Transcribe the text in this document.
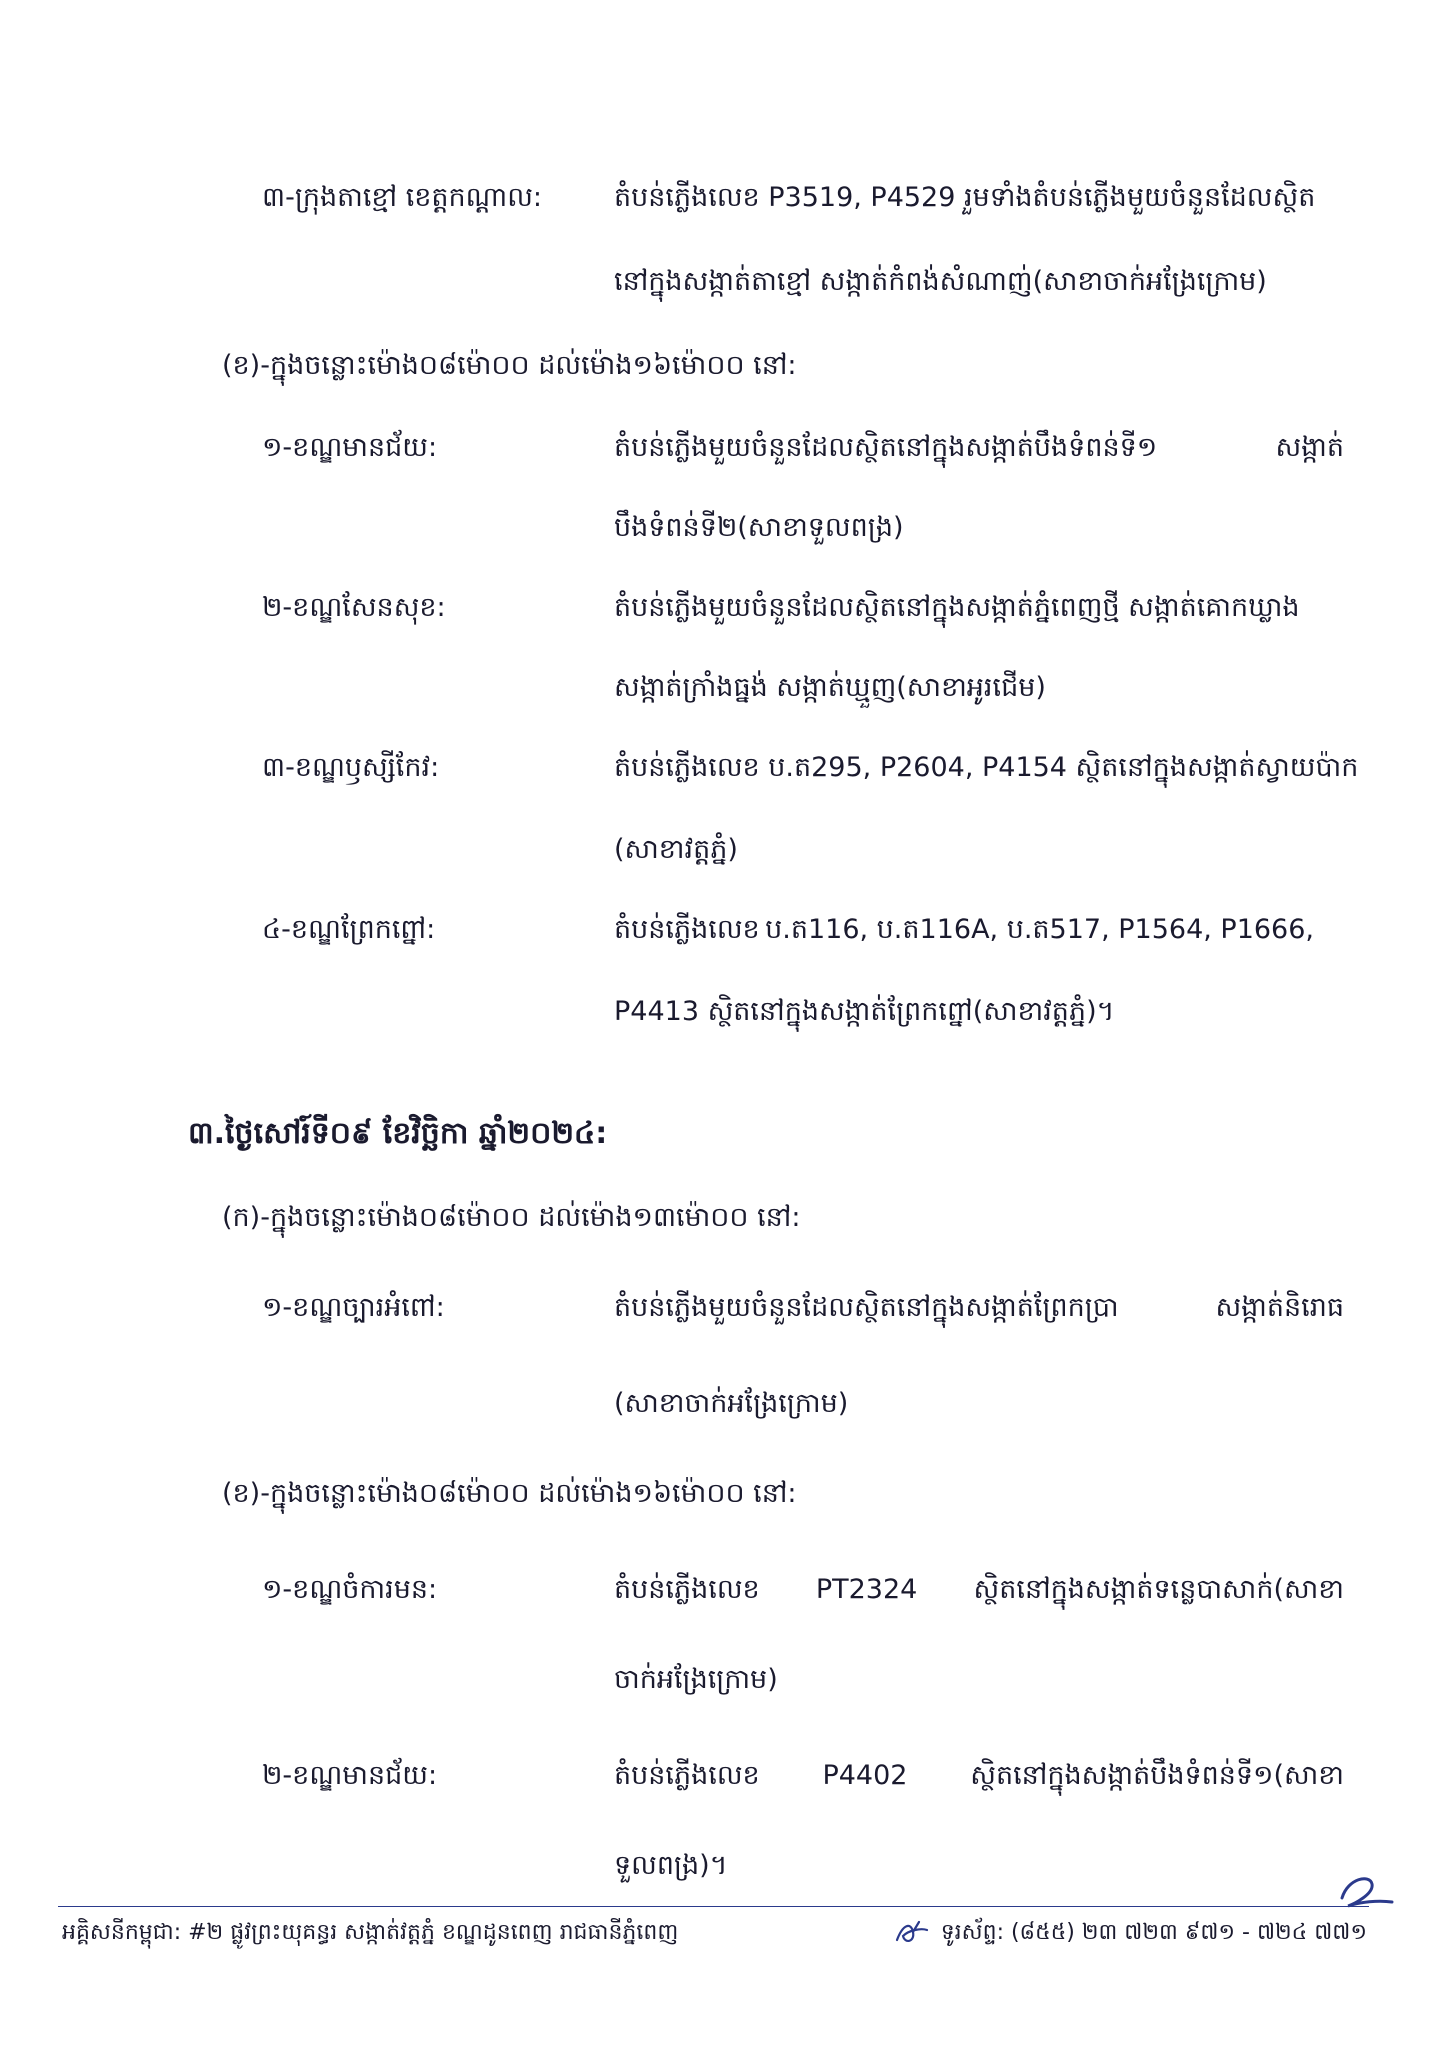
៣-ក្រុងតាខ្មៅ ខេត្តកណ្តាល:	តំបន់ភ្លើងលេខ P3519, P4529 រួមទាំងតំបន់ភ្លើងមួយចំនួនដែលស្ថិត
នៅក្នុងសង្កាត់តាខ្មៅ សង្កាត់កំពង់សំណាញ់(សាខាចាក់អង្រែក្រោម)
(ខ)-ក្នុងចន្លោះម៉ោង០៨ម៉ោ០០ ដល់ម៉ោង១៦ម៉ោ០០ នៅ:
១-ខណ្ឌមានជ័យ:	តំបន់ភ្លើងមួយចំនួនដែលស្ថិតនៅក្នុងសង្កាត់បឹងទំពន់ទី១	សង្កាត់
បឹងទំពន់ទី២(សាខាទួលពង្រ)
២-ខណ្ឌសែនសុខ:	តំបន់ភ្លើងមួយចំនួនដែលស្ថិតនៅក្នុងសង្កាត់ភ្នំពេញថ្មី សង្កាត់គោកឃ្លាង
សង្កាត់ក្រាំងធ្នង់ សង្កាត់ឃ្មួញ(សាខាអូរជើម)
៣-ខណ្ឌឫស្សីកែវ:	តំបន់ភ្លើងលេខ ប.ត295, P2604, P4154 ស្ថិតនៅក្នុងសង្កាត់ស្វាយប៉ាក
(សាខាវត្តភ្នំ)
៤-ខណ្ឌព្រែកព្នៅ:	តំបន់ភ្លើងលេខ ប.ត116, ប.ត116A, ប.ត517, P1564, P1666,
P4413 ស្ថិតនៅក្នុងសង្កាត់ព្រែកព្នៅ(សាខាវត្តភ្នំ)។
៣.ថ្ងៃសៅរ៍ទី០៩ ខែវិច្ឆិកា ឆ្នាំ២០២៤:
(ក)-ក្នុងចន្លោះម៉ោង០៨ម៉ោ០០ ដល់ម៉ោង១៣ម៉ោ០០ នៅ:
១-ខណ្ឌច្បារអំពៅ:	តំបន់ភ្លើងមួយចំនួនដែលស្ថិតនៅក្នុងសង្កាត់ព្រែកប្រា	សង្កាត់និរោធ
(សាខាចាក់អង្រែក្រោម)
(ខ)-ក្នុងចន្លោះម៉ោង០៨ម៉ោ០០ ដល់ម៉ោង១៦ម៉ោ០០ នៅ:
១-ខណ្ឌចំការមន:	តំបន់ភ្លើងលេខ PT2324 ស្ថិតនៅក្នុងសង្កាត់ទន្លេបាសាក់(សាខា
ចាក់អង្រែក្រោម)
២-ខណ្ឌមានជ័យ:	តំបន់ភ្លើងលេខ P4402 ស្ថិតនៅក្នុងសង្កាត់បឹងទំពន់ទី១(សាខា
ទួលពង្រ)។
អគ្គិសនីកម្ពុជា: #២ ផ្លូវព្រះយុគន្ធរ សង្កាត់វត្តភ្នំ ខណ្ឌដូនពេញ រាជធានីភ្នំពេញ	ទូរស័ព្ទ: (៨៥៥) ២៣ ៧២៣ ៩៧១ - ៧២៤ ៧៧១
